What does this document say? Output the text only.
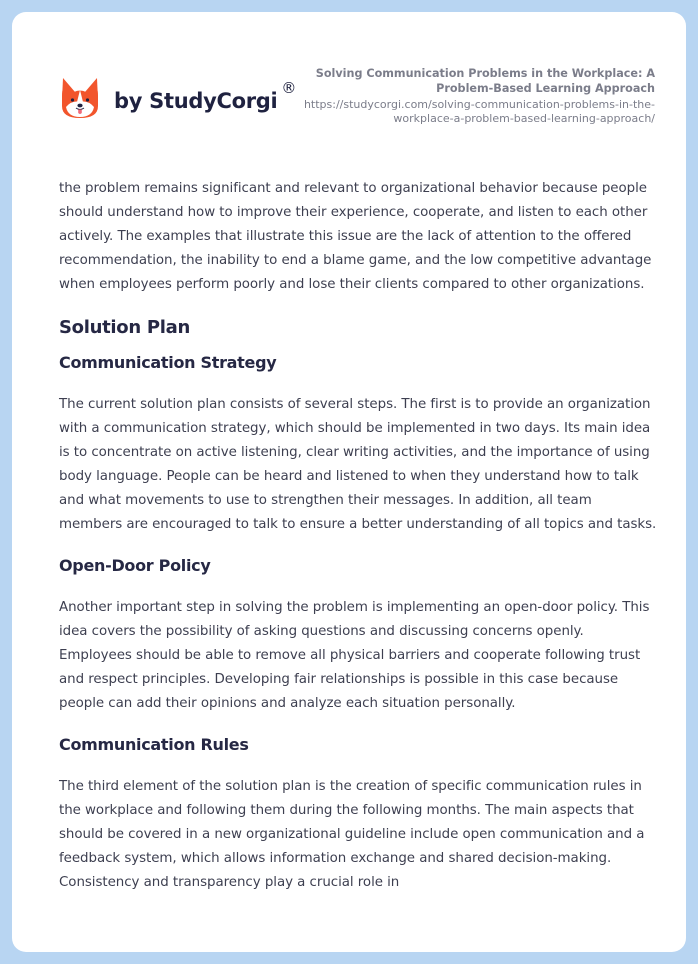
by StudyCorgi
®
Solving Communication Problems in the Workplace: A Problem-Based Learning Approach
https://studycorgi.com/solving-communication-problems-in-the-workplace-a-problem-based-learning-approach/

the problem remains significant and relevant to organizational behavior because people should understand how to improve their experience, cooperate, and listen to each other actively. The examples that illustrate this issue are the lack of attention to the offered recommendation, the inability to end a blame game, and the low competitive advantage when employees perform poorly and lose their clients compared to other organizations.

Solution Plan
Communication Strategy

The current solution plan consists of several steps. The first is to provide an organization with a communication strategy, which should be implemented in two days. Its main idea is to concentrate on active listening, clear writing activities, and the importance of using body language. People can be heard and listened to when they understand how to talk and what movements to use to strengthen their messages. In addition, all team members are encouraged to talk to ensure a better understanding of all topics and tasks.

Open-Door Policy

Another important step in solving the problem is implementing an open-door policy. This idea covers the possibility of asking questions and discussing concerns openly. Employees should be able to remove all physical barriers and cooperate following trust and respect principles. Developing fair relationships is possible in this case because people can add their opinions and analyze each situation personally.

Communication Rules

The third element of the solution plan is the creation of specific communication rules in the workplace and following them during the following months. The main aspects that should be covered in a new organizational guideline include open communication and a feedback system, which allows information exchange and shared decision-making. Consistency and transparency play a crucial role in
